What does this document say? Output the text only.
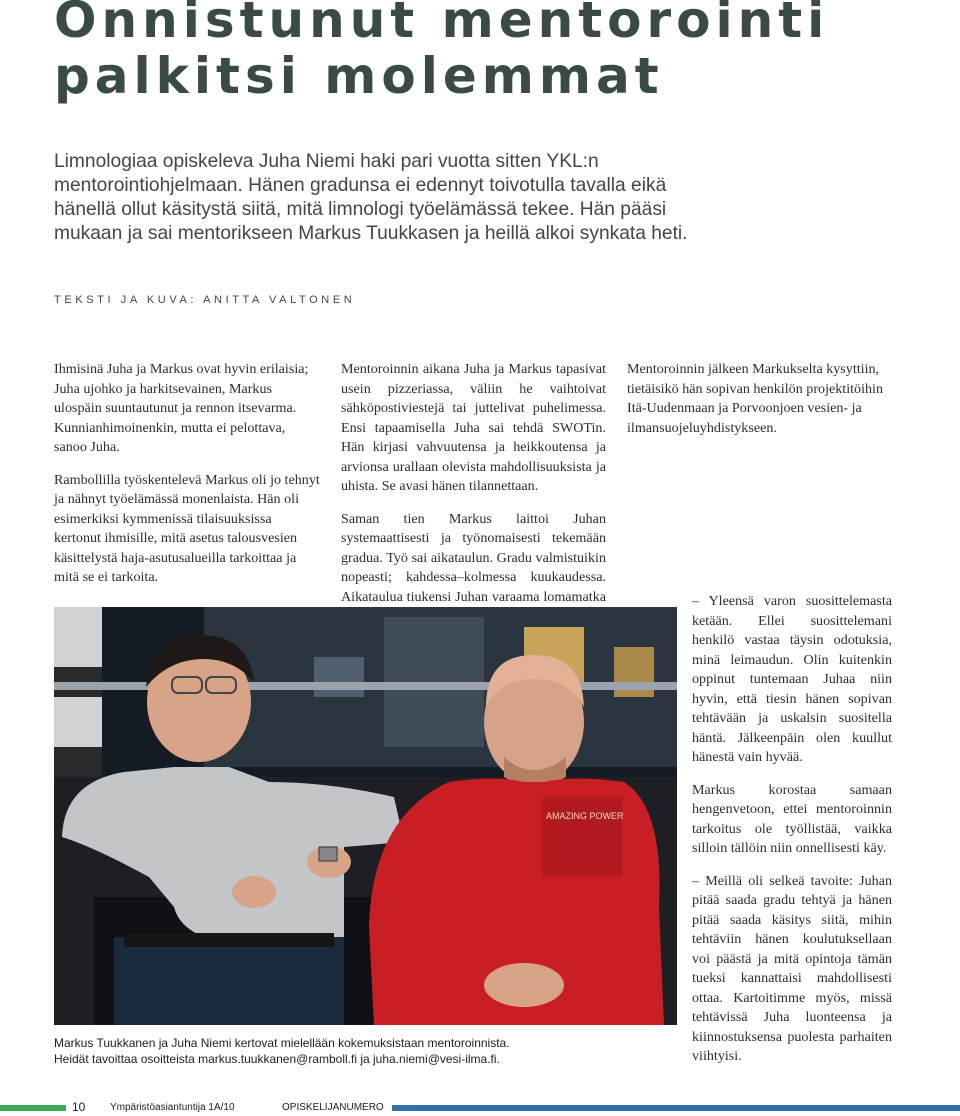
Onnistunut mentorointi palkitsi molemmat

Limnologiaa opiskeleva Juha Niemi haki pari vuotta sitten YKL:n mentorointiohjelmaan. Hänen gradunsa ei edennyt toivotulla tavalla eikä hänellä ollut käsitystä siitä, mitä limnologi työelämässä tekee. Hän pääsi mukaan ja sai mentorikseen Markus Tuukkasen ja heillä alkoi synkata heti.

TEKSTI JA KUVA: ANITTA VALTONEN

Ihmisinä Juha ja Markus ovat hyvin erilaisia; Juha ujohko ja harkitsevainen, Markus ulospäin suuntautunut ja rennon itsevarma. Kunnianhimoinenkin, mutta ei pelottava, sanoo Juha.

Rambollilla työskentelevä Markus oli jo tehnyt ja nähnyt työelämässä monenlaista. Hän oli esimerkiksi kymmenissä tilaisuuksissa kertonut ihmisille, mitä asetus talousvesien käsittelystä haja-asutusalueilla tarkoittaa ja mitä se ei tarkoita.

Mentoroinnin aikana Juha ja Markus tapasivat usein pizzeriassa, väliin he vaihtoivat sähköpostiviestejä tai juttelivat puhelimessa. Ensi tapaamisella Juha sai tehdä SWOTin. Hän kirjasi vahvuutensa ja heikkoutensa ja arvionsa urallaan olevista mahdollisuuksista ja uhista. Se avasi hänen tilannettaan.

Saman tien Markus laittoi Juhan systemaattisesti ja työnomaisesti tekemään gradua. Työ sai aikataulun. Gradu valmistuikin nopeasti; kahdessa–kolmessa kuukaudessa. Aikataulua tiukensi Juhan varaama lomamatka

Mentoroinnin jälkeen Markukselta kysyttiin, tietäisikö hän sopivan henkilön projektitöihin Itä-Uudenmaan ja Porvoonjoen vesien- ja ilmansuojeluyhdistykseen.

– Yleensä varon suosittelemasta ketään. Ellei suosittelemani henkilö vastaa täysin odotuksia, minä leimaudun. Olin kuitenkin oppinut tuntemaan Juhaa niin hyvin, että tiesin hänen sopivan tehtävään ja uskalsin suositella häntä. Jälkeenpäin olen kuullut hänestä vain hyvää.

Markus korostaa samaan hengenvetoon, ettei mentoroinnin tarkoitus ole työllistää, vaikka silloin tällöin niin onnellisesti käy.

– Meillä oli selkeä tavoite: Juhan pitää saada gradu tehtyä ja hänen pitää saada käsitys siitä, mihin tehtäviin hänen koulutuksellaan voi päästä ja mitä opintoja tämän tueksi kannattaisi mahdollisesti ottaa. Kartoitimme myös, missä tehtävissä Juha luonteensa ja kiinnostuksensa puolesta parhaiten viihtyisi.

AMAZING POWER

Markus Tuukkanen ja Juha Niemi kertovat mielellään kokemuksistaan mentoroinnista.
Heidät tavoittaa osoitteista markus.tuukkanen@ramboll.fi ja juha.niemi@vesi-ilma.fi.

10 Ympäristöasiantuntija 1A/10	OPISKELIJANUMERO
